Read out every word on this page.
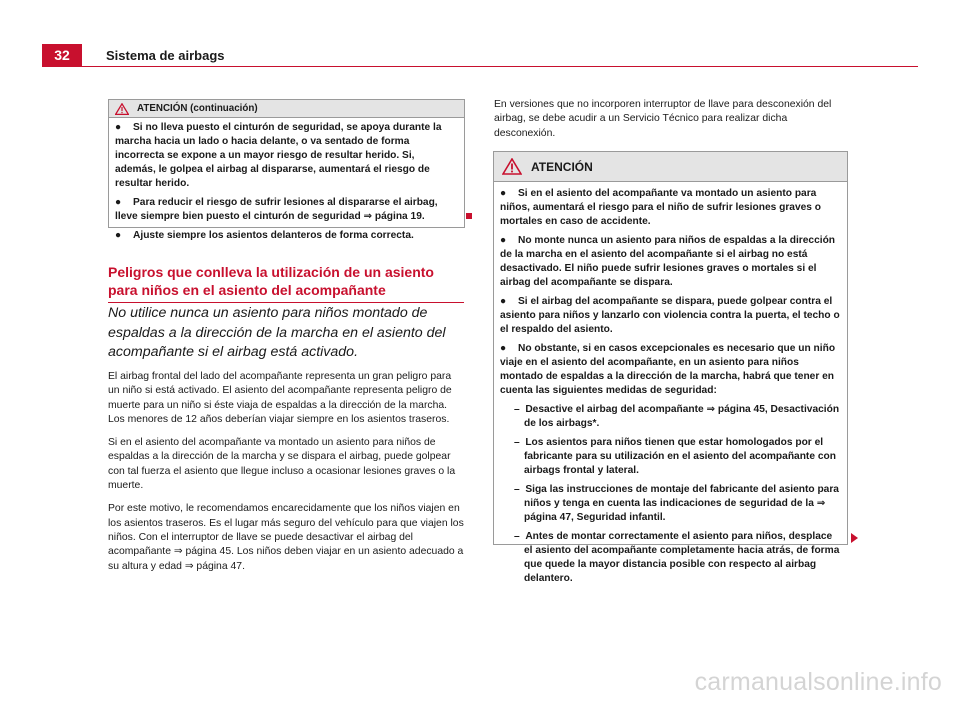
32	Sistema de airbags
ATENCIÓN (continuación)

● Si no lleva puesto el cinturón de seguridad, se apoya durante la marcha hacia un lado o hacia delante, o va sentado de forma incorrecta se expone a un mayor riesgo de resultar herido. Si, además, le golpea el airbag al dispararse, aumentará el riesgo de resultar herido.

● Para reducir el riesgo de sufrir lesiones al dispararse el airbag, lleve siempre bien puesto el cinturón de seguridad ⇒ página 19.

● Ajuste siempre los asientos delanteros de forma correcta.

Peligros que conlleva la utilización de un asiento para niños en el asiento del acompañante
No utilice nunca un asiento para niños montado de espaldas a la dirección de la marcha en el asiento del acompañante si el airbag está activado.

El airbag frontal del lado del acompañante representa un gran peligro para un niño si está activado. El asiento del acompañante representa peligro de muerte para un niño si éste viaja de espaldas a la dirección de la marcha. Los menores de 12 años deberían viajar siempre en los asientos traseros.

Si en el asiento del acompañante va montado un asiento para niños de espaldas a la dirección de la marcha y se dispara el airbag, puede golpear con tal fuerza el asiento que llegue incluso a ocasionar lesiones graves o la muerte.

Por este motivo, le recomendamos encarecidamente que los niños viajen en los asientos traseros. Es el lugar más seguro del vehículo para que viajen los niños. Con el interruptor de llave se puede desactivar el airbag del acompañante ⇒ página 45. Los niños deben viajar en un asiento adecuado a su altura y edad ⇒ página 47.

En versiones que no incorporen interruptor de llave para desconexión del airbag, se debe acudir a un Servicio Técnico para realizar dicha desconexión.

ATENCIÓN

● Si en el asiento del acompañante va montado un asiento para niños, aumentará el riesgo para el niño de sufrir lesiones graves o mortales en caso de accidente.

● No monte nunca un asiento para niños de espaldas a la dirección de la marcha en el asiento del acompañante si el airbag no está desactivado. El niño puede sufrir lesiones graves o mortales si el airbag del acompañante se dispara.

● Si el airbag del acompañante se dispara, puede golpear contra el asiento para niños y lanzarlo con violencia contra la puerta, el techo o el respaldo del asiento.

● No obstante, si en casos excepcionales es necesario que un niño viaje en el asiento del acompañante, en un asiento para niños montado de espaldas a la dirección de la marcha, habrá que tener en cuenta las siguientes medidas de seguridad:

–  Desactive el airbag del acompañante ⇒ página 45, Desactivación de los airbags*.

–  Los asientos para niños tienen que estar homologados por el fabricante para su utilización en el asiento del acompañante con airbags frontal y lateral.

–  Siga las instrucciones de montaje del fabricante del asiento para niños y tenga en cuenta las indicaciones de seguridad de la ⇒ página 47, Seguridad infantil.

–  Antes de montar correctamente el asiento para niños, desplace el asiento del acompañante completamente hacia atrás, de forma que quede la mayor distancia posible con respecto al airbag delantero.

carmanualsonline.info
